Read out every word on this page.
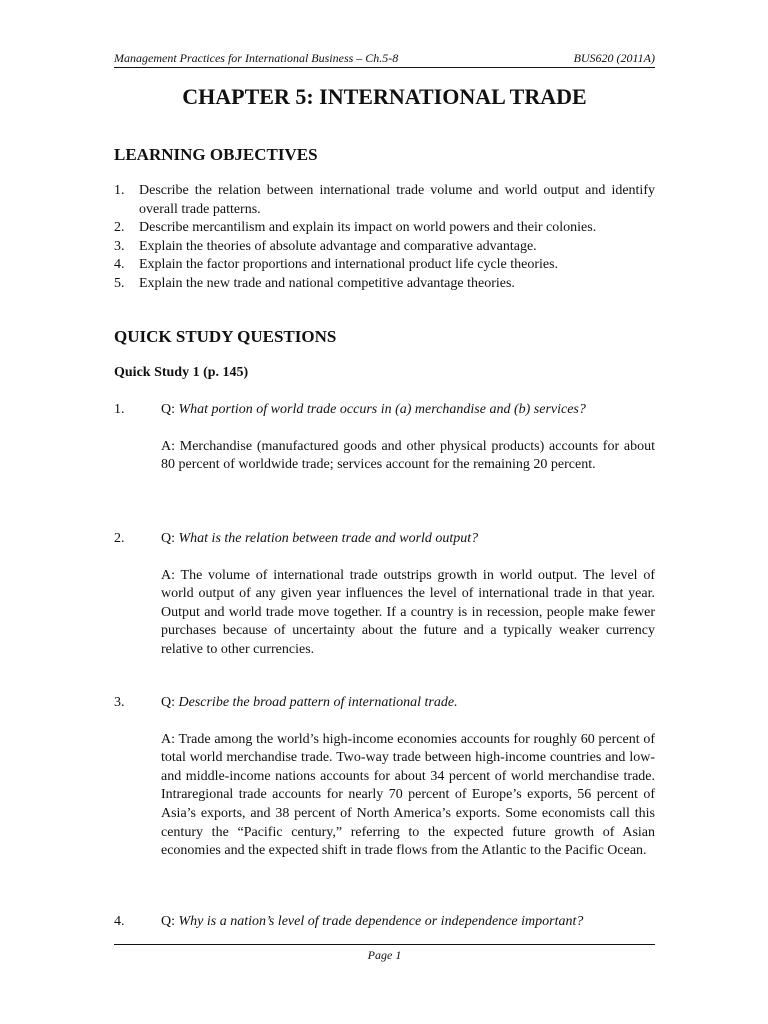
Management Practices for International Business – Ch.5-8	BUS620 (2011A)
CHAPTER 5: INTERNATIONAL TRADE
LEARNING OBJECTIVES
1. Describe the relation between international trade volume and world output and identify overall trade patterns.
2. Describe mercantilism and explain its impact on world powers and their colonies.
3. Explain the theories of absolute advantage and comparative advantage.
4. Explain the factor proportions and international product life cycle theories.
5. Explain the new trade and national competitive advantage theories.
QUICK STUDY QUESTIONS

Quick Study 1 (p. 145)

1.	Q: What portion of world trade occurs in (a) merchandise and (b) services?
A: Merchandise (manufactured goods and other physical products) accounts for about 80 percent of worldwide trade; services account for the remaining 20 percent.
2.	Q: What is the relation between trade and world output?
A: The volume of international trade outstrips growth in world output. The level of world output of any given year influences the level of international trade in that year. Output and world trade move together. If a country is in recession, people make fewer purchases because of uncertainty about the future and a typically weaker currency relative to other currencies.
3.	Q: Describe the broad pattern of international trade.
A: Trade among the world’s high-income economies accounts for roughly 60 percent of total world merchandise trade. Two-way trade between high-income countries and low- and middle-income nations accounts for about 34 percent of world merchandise trade. Intraregional trade accounts for nearly 70 percent of Europe’s exports, 56 percent of Asia’s exports, and 38 percent of North America’s exports. Some economists call this century the “Pacific century,” referring to the expected future growth of Asian economies and the expected shift in trade flows from the Atlantic to the Pacific Ocean.
4.	Q: Why is a nation’s level of trade dependence or independence important?
Page 1
